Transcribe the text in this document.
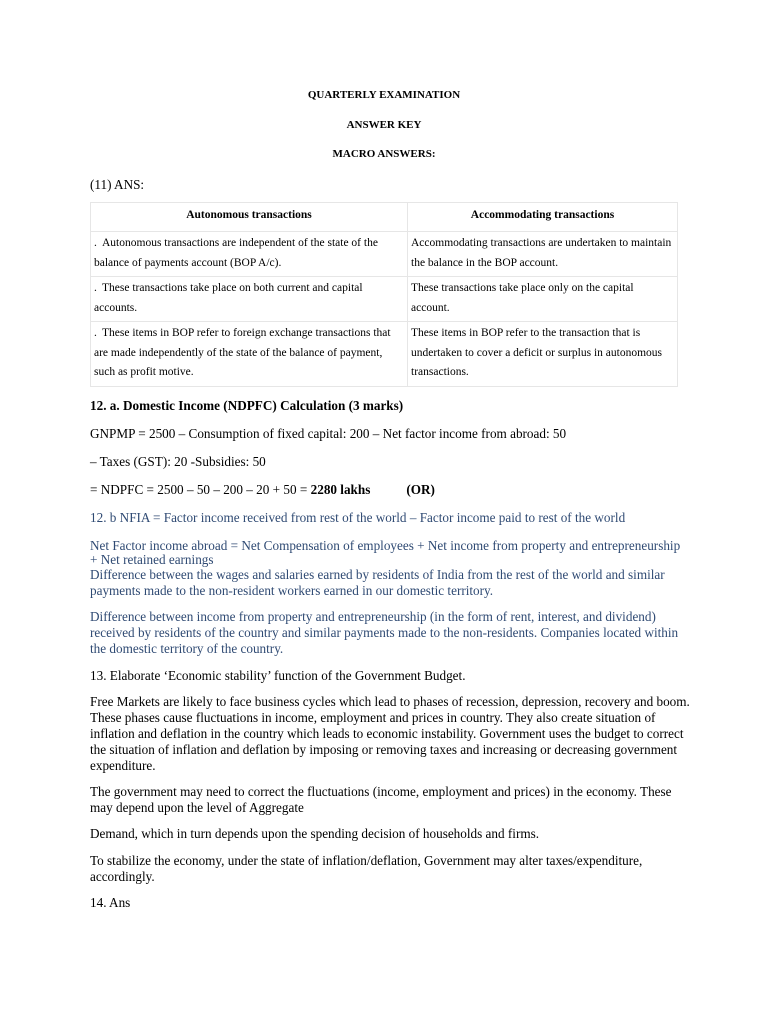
QUARTERLY EXAMINATION
ANSWER KEY
MACRO ANSWERS:
(11) ANS:
Autonomous transactions	Accommodating transactions
. Autonomous transactions are independent of the state of the balance of payments account (BOP A/c).	Accommodating transactions are undertaken to maintain the balance in the BOP account.
. These transactions take place on both current and capital accounts.	These transactions take place only on the capital account.
. These items in BOP refer to foreign exchange transactions that are made independently of the state of the balance of payment, such as profit motive.	These items in BOP refer to the transaction that is undertaken to cover a deficit or surplus in autonomous transactions.
12. a. Domestic Income (NDPFC) Calculation (3 marks)
GNPMP = 2500 – Consumption of fixed capital: 200 – Net factor income from abroad: 50
– Taxes (GST): 20 -Subsidies: 50
= NDPFC = 2500 – 50 – 200 – 20 + 50 = 2280 lakhs	(OR)
12. b NFIA = Factor income received from rest of the world – Factor income paid to rest of the world
Net Factor income abroad = Net Compensation of employees + Net income from property and entrepreneurship + Net retained earnings
Difference between the wages and salaries earned by residents of India from the rest of the world and similar payments made to the non-resident workers earned in our domestic territory.
Difference between income from property and entrepreneurship (in the form of rent, interest, and dividend) received by residents of the country and similar payments made to the non-residents. Companies located within the domestic territory of the country.
13. Elaborate ‘Economic stability’ function of the Government Budget.
Free Markets are likely to face business cycles which lead to phases of recession, depression, recovery and boom. These phases cause fluctuations in income, employment and prices in country. They also create situation of inflation and deflation in the country which leads to economic instability. Government uses the budget to correct the situation of inflation and deflation by imposing or removing taxes and increasing or decreasing government expenditure.
The government may need to correct the fluctuations (income, employment and prices) in the economy. These may depend upon the level of Aggregate
Demand, which in turn depends upon the spending decision of households and firms.
To stabilize the economy, under the state of inflation/deflation, Government may alter taxes/expenditure, accordingly.
14. Ans
